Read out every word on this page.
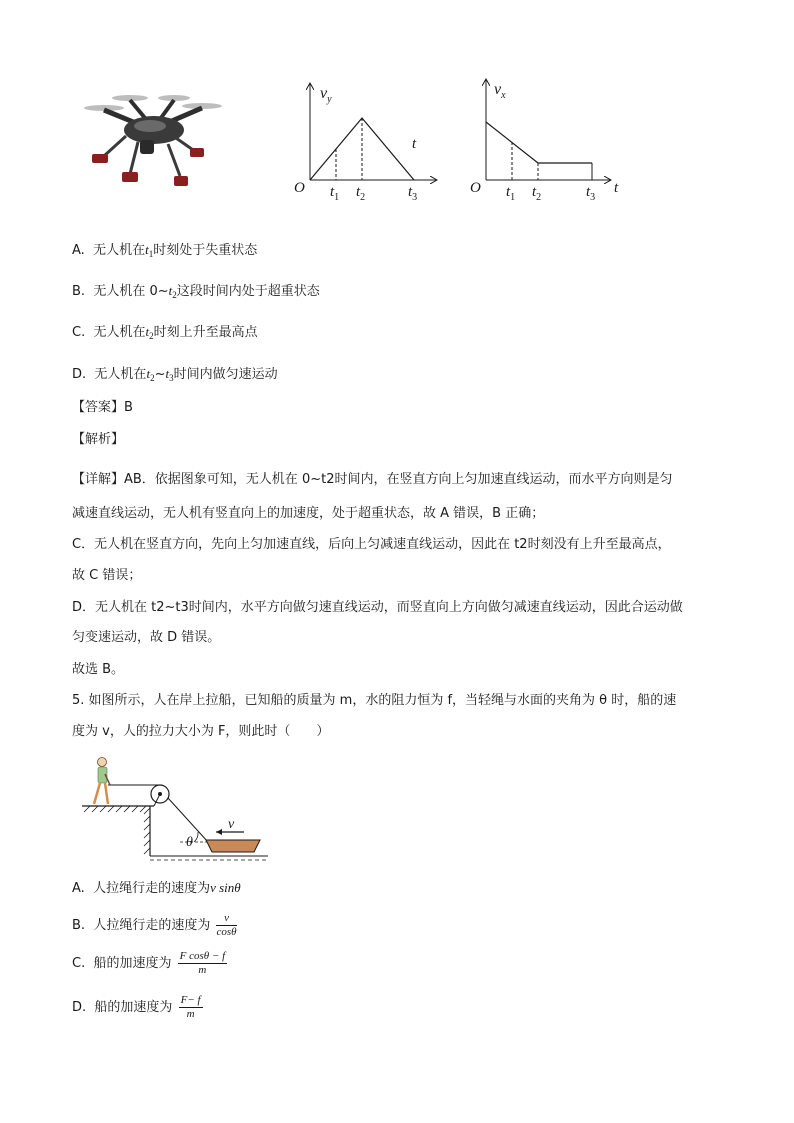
$v_y$
t
O $t_1$ $t_2$	$t_3$
$v_x$
t
O $t_1$ $t_2$	$t_3$
A. 无人机在$t_1$时刻处于失重状态
B. 无人机在 $0\sim t_2$这段时间内处于超重状态
C. 无人机在$t_2$时刻上升至最高点
D. 无人机在$t_2\sim t_3$时间内做匀速运动
【答案】B
【解析】
【详解】AB．依据图象可知，无人机在 0~t2时间内，在竖直方向上匀加速直线运动，而水平方向则是匀
减速直线运动，无人机有竖直向上的加速度，处于超重状态，故 A 错误，B 正确；
C．无人机在竖直方向，先向上匀加速直线，后向上匀减速直线运动，因此在 t2时刻没有上升至最高点，
故 C 错误；
D．无人机在 t2~t3时间内，水平方向做匀速直线运动，而竖直向上方向做匀减速直线运动，因此合运动做
匀变速运动，故 D 错误。
故选 B。
5. 如图所示，人在岸上拉船，已知船的质量为 m，水的阻力恒为 f，当轻绳与水面的夹角为 θ 时，船的速
度为 v，人的拉力大小为 F，则此时（　　）
v
θ
A. 人拉绳行走的速度为v sinθ
B. 人拉绳行走的速度为 $\frac{v}{\cos\theta}$
C. 船的加速度为 $\frac{\text{F cosθ − f}}{m}$
D. 船的加速度为 $\frac{F- f}{m}$
